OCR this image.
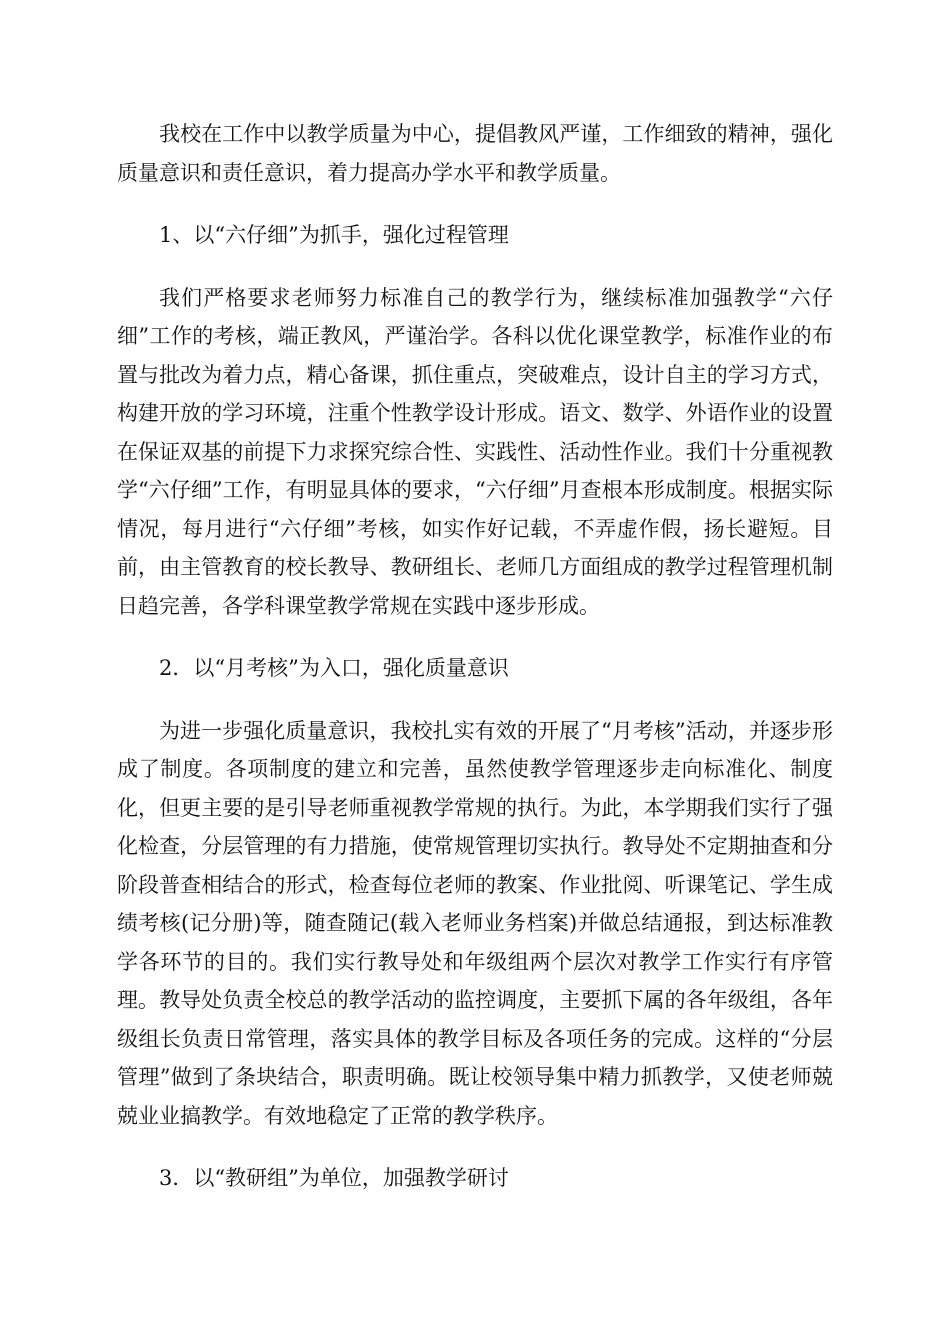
我校在工作中以教学质量为中心，提倡教风严谨，工作细致的精神，强化质量意识和责任意识，着力提高办学水平和教学质量。

1、以“六仔细”为抓手，强化过程管理

我们严格要求老师努力标准自己的教学行为，继续标准加强教学“六仔细”工作的考核，端正教风，严谨治学。各科以优化课堂教学，标准作业的布置与批改为着力点，精心备课，抓住重点，突破难点，设计自主的学习方式，构建开放的学习环境，注重个性教学设计形成。语文、数学、外语作业的设置在保证双基的前提下力求探究综合性、实践性、活动性作业。我们十分重视教学“六仔细”工作，有明显具体的要求，“六仔细”月查根本形成制度。根据实际情况，每月进行“六仔细”考核，如实作好记载，不弄虚作假，扬长避短。目前，由主管教育的校长教导、教研组长、老师几方面组成的教学过程管理机制日趋完善，各学科课堂教学常规在实践中逐步形成。

2．以“月考核”为入口，强化质量意识

为进一步强化质量意识，我校扎实有效的开展了“月考核”活动，并逐步形成了制度。各项制度的建立和完善，虽然使教学管理逐步走向标准化、制度化，但更主要的是引导老师重视教学常规的执行。为此，本学期我们实行了强化检查，分层管理的有力措施，使常规管理切实执行。教导处不定期抽查和分阶段普查相结合的形式，检查每位老师的教案、作业批阅、听课笔记、学生成绩考核(记分册)等，随查随记(载入老师业务档案)并做总结通报，到达标准教学各环节的目的。我们实行教导处和年级组两个层次对教学工作实行有序管理。教导处负责全校总的教学活动的监控调度，主要抓下属的各年级组，各年级组长负责日常管理，落实具体的教学目标及各项任务的完成。这样的“分层管理”做到了条块结合，职责明确。既让校领导集中精力抓教学，又使老师兢兢业业搞教学。有效地稳定了正常的教学秩序。

3．以“教研组”为单位，加强教学研讨
